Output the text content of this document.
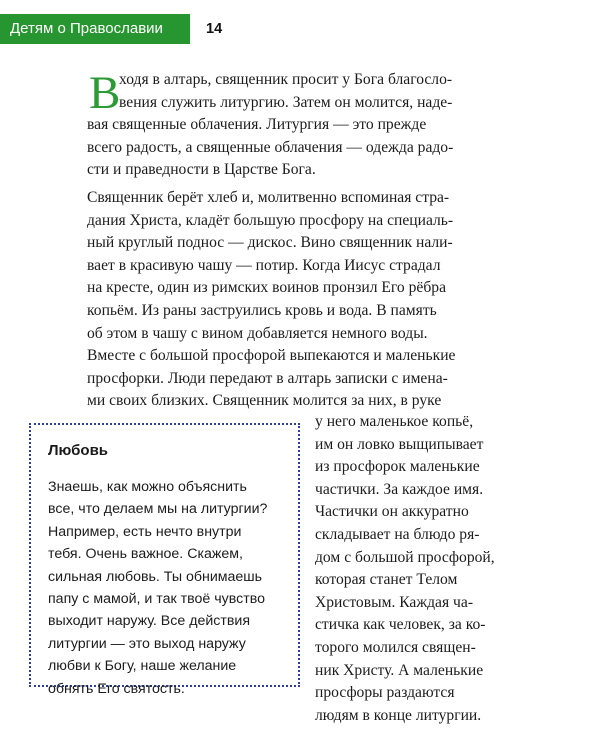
Детям о Православии	14
В
ходя в алтарь, священник просит у Бога благосло-
вения служить литургию. Затем он молится, наде-
вая священные облачения. Литургия — это прежде
всего радость, а священные облачения — одежда радо-
сти и праведности в Царстве Бога.
Священник берёт хлеб и, молитвенно вспоминая стра-
дания Христа, кладёт большую просфору на специаль-
ный круглый поднос — дискос. Вино священник нали-
вает в красивую чашу — потир. Когда Иисус страдал
на кресте, один из римских воинов пронзил Его рёбра
копьём. Из раны заструились кровь и вода. В память
об этом в чашу с вином добавляется немного воды.
Вместе с большой просфорой выпекаются и маленькие
просфорки. Люди передают в алтарь записки с имена-
ми своих близких. Священник молится за них, в руке
у него маленькое копьё,
им он ловко выщипывает
из просфорок маленькие
частички. За каждое имя.
Частички он аккуратно
складывает на блюдо ря-
дом с большой просфорой,
которая станет Телом
Христовым. Каждая ча-
стичка как человек, за ко-
торого молился священ-
ник Христу. А маленькие
просфоры раздаются
людям в конце литургии.
Любовь
Знаешь, как можно объяснить
все, что делаем мы на литургии?
Например, есть нечто внутри
тебя. Очень важное. Скажем,
сильная любовь. Ты обнимаешь
папу с мамой, и так твоё чувство
выходит наружу. Все действия
литургии — это выход наружу
любви к Богу, наше желание
обнять Его святость.
